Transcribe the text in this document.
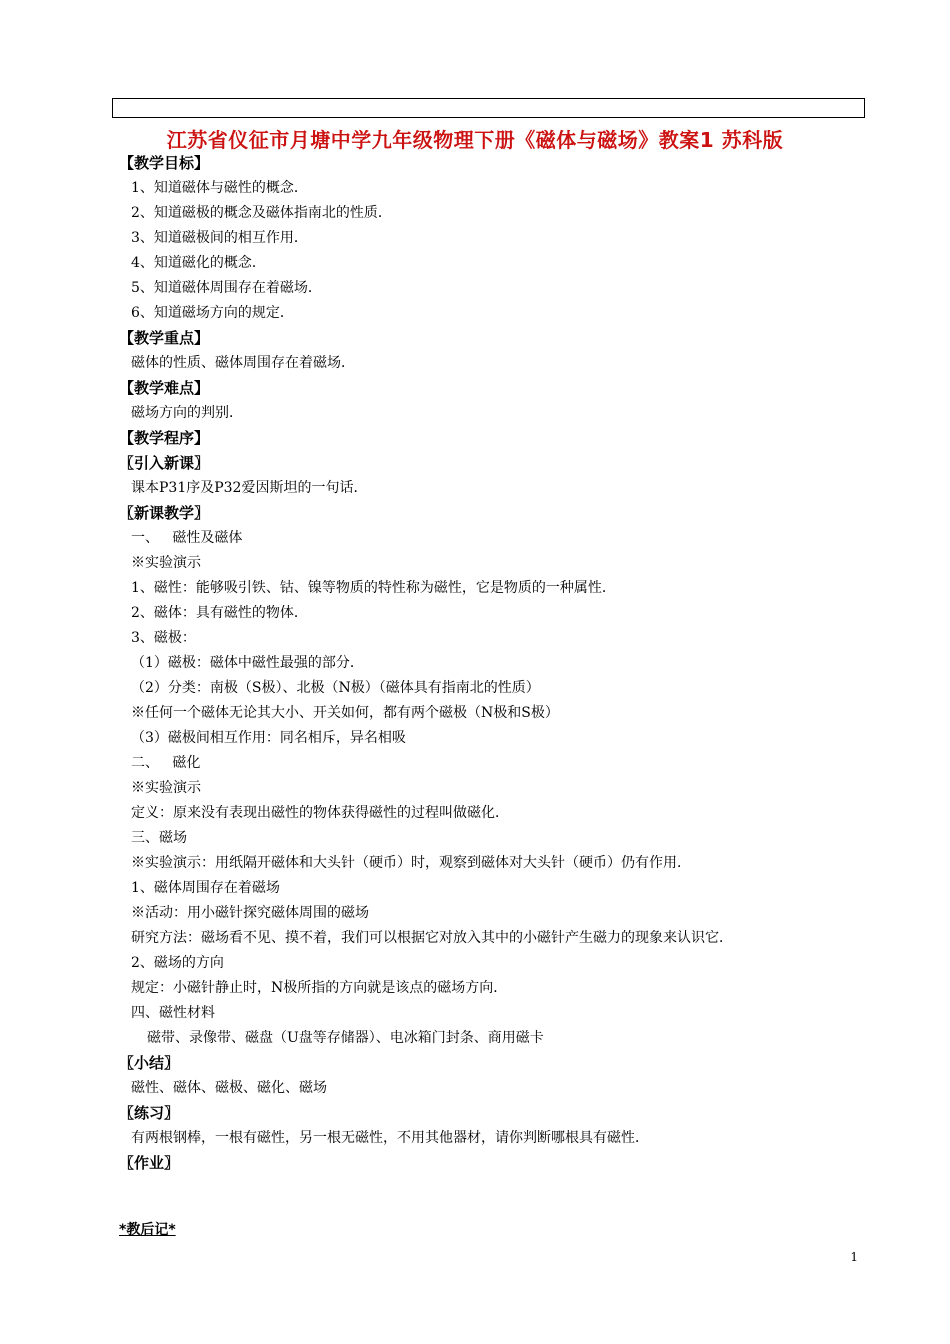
江苏省仪征市月塘中学九年级物理下册《磁体与磁场》教案1 苏科版
【教学目标】
1、知道磁体与磁性的概念．
2、知道磁极的概念及磁体指南北的性质．
3、知道磁极间的相互作用．
4、知道磁化的概念．
5、知道磁体周围存在着磁场．
6、知道磁场方向的规定．
【教学重点】
磁体的性质、磁体周围存在着磁场．
【教学难点】
磁场方向的判别．
【教学程序】
〖引入新课〗
课本P31序及P32爱因斯坦的一句话．
〖新课教学〗
一、   磁性及磁体
※实验演示
1、磁性：能够吸引铁、钴、镍等物质的特性称为磁性，它是物质的一种属性．
2、磁体：具有磁性的物体．
3、磁极：
（1）磁极：磁体中磁性最强的部分．
（2）分类：南极（S极）、北极（N极）（磁体具有指南北的性质）
※任何一个磁体无论其大小、开关如何，都有两个磁极（N极和S极）
（3）磁极间相互作用：同名相斥，异名相吸
二、   磁化
※实验演示
定义：原来没有表现出磁性的物体获得磁性的过程叫做磁化．
三、磁场
※实验演示：用纸隔开磁体和大头针（硬币）时，观察到磁体对大头针（硬币）仍有作用．
1、磁体周围存在着磁场
※活动：用小磁针探究磁体周围的磁场
研究方法：磁场看不见、摸不着，我们可以根据它对放入其中的小磁针产生磁力的现象来认识它．
2、磁场的方向
规定：小磁针静止时，N极所指的方向就是该点的磁场方向．
四、磁性材料
磁带、录像带、磁盘（U盘等存储器）、电冰箱门封条、商用磁卡
〖小结〗
磁性、磁体、磁极、磁化、磁场
〖练习〗
有两根钢棒，一根有磁性，另一根无磁性，不用其他器材，请你判断哪根具有磁性．
〖作业〗
*教后记*
1
